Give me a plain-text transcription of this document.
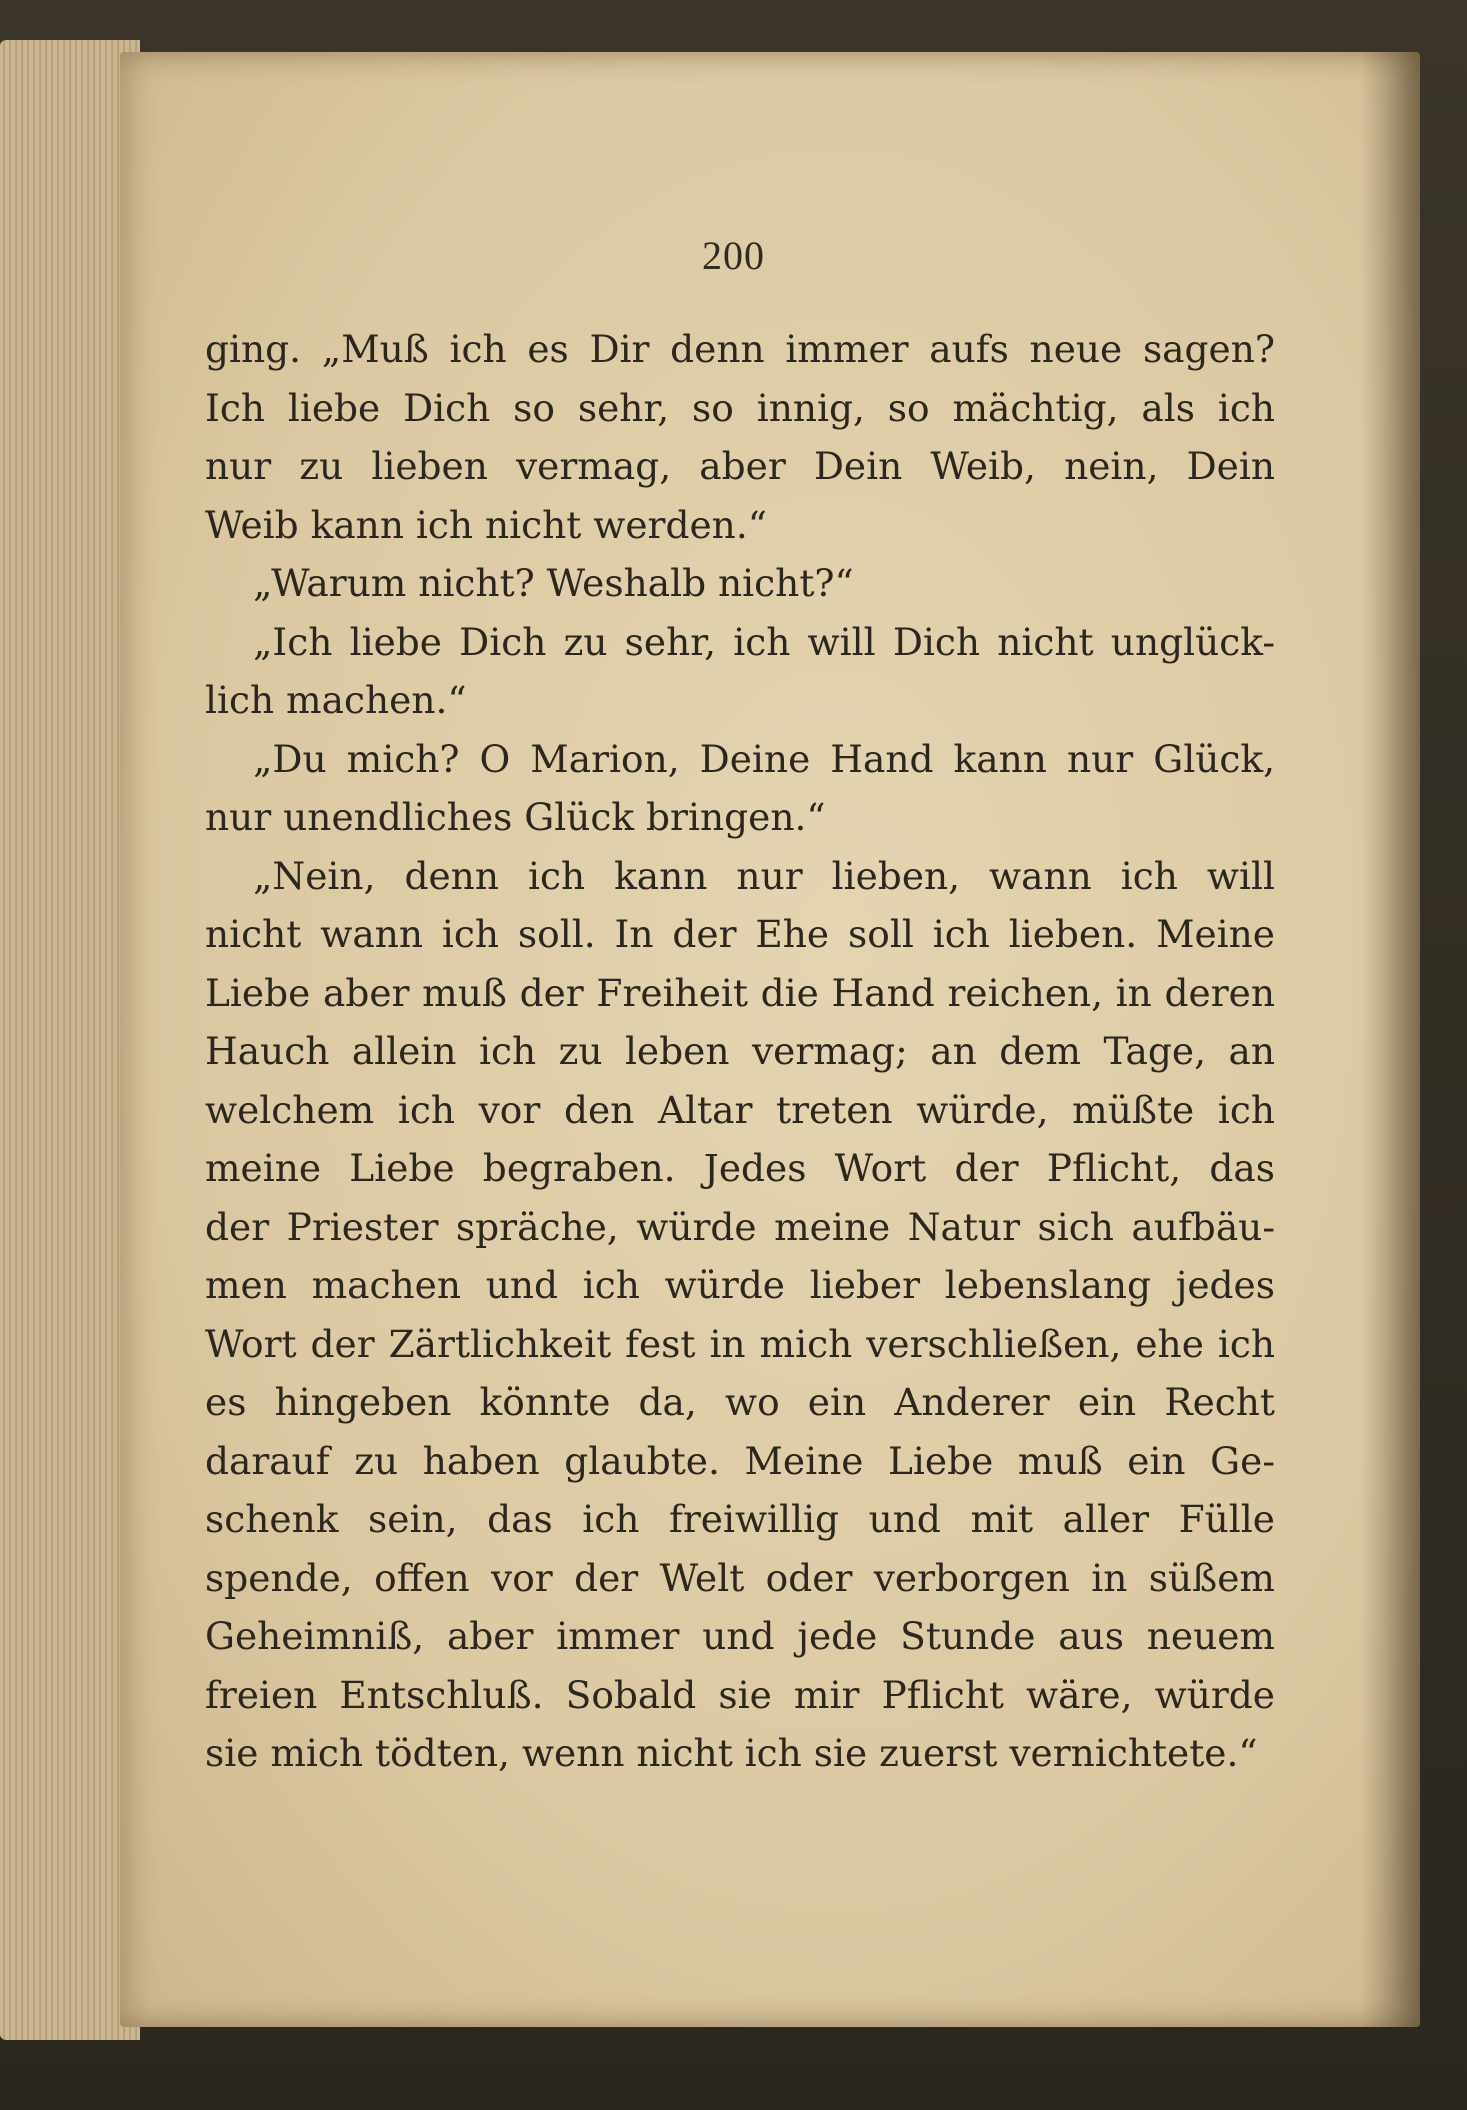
200
ging. „Muß ich es Dir denn immer aufs neue sagen?
Ich liebe Dich so sehr, so innig, so mächtig, als ich
nur zu lieben vermag, aber Dein Weib, nein, Dein
Weib kann ich nicht werden.“
„Warum nicht? Weshalb nicht?“
„Ich liebe Dich zu sehr, ich will Dich nicht unglück-
lich machen.“
„Du mich? O Marion, Deine Hand kann nur Glück,
nur unendliches Glück bringen.“
„Nein, denn ich kann nur lieben, wann ich will
nicht wann ich soll. In der Ehe soll ich lieben. Meine
Liebe aber muß der Freiheit die Hand reichen, in deren
Hauch allein ich zu leben vermag; an dem Tage, an
welchem ich vor den Altar treten würde, müßte ich
meine Liebe begraben. Jedes Wort der Pflicht, das
der Priester spräche, würde meine Natur sich aufbäu-
men machen und ich würde lieber lebenslang jedes
Wort der Zärtlichkeit fest in mich verschließen, ehe ich
es hingeben könnte da, wo ein Anderer ein Recht
darauf zu haben glaubte. Meine Liebe muß ein Ge-
schenk sein, das ich freiwillig und mit aller Fülle
spende, offen vor der Welt oder verborgen in süßem
Geheimniß, aber immer und jede Stunde aus neuem
freien Entschluß. Sobald sie mir Pflicht wäre, würde
sie mich tödten, wenn nicht ich sie zuerst vernichtete.“
